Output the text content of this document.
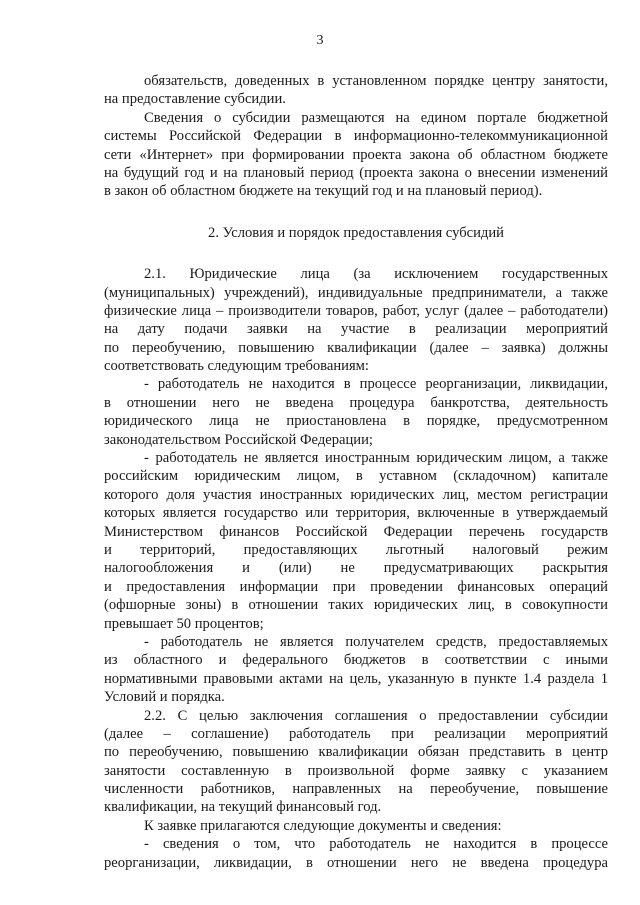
3
обязательств, доведенных в установленном порядке центру занятости,
на предоставление субсидии.
Сведения о субсидии размещаются на едином портале бюджетной
системы Российской Федерации в информационно-телекоммуникационной
сети «Интернет» при формировании проекта закона об областном бюджете
на будущий год и на плановый период (проекта закона о внесении изменений
в закон об областном бюджете на текущий год и на плановый период).
2. Условия и порядок предоставления субсидий
2.1. Юридические лица (за исключением государственных
(муниципальных) учреждений), индивидуальные предприниматели, а также
физические лица – производители товаров, работ, услуг (далее – работодатели)
на дату подачи заявки на участие в реализации мероприятий
по переобучению, повышению квалификации (далее – заявка) должны
соответствовать следующим требованиям:
- работодатель не находится в процессе реорганизации, ликвидации,
в отношении него не введена процедура банкротства, деятельность
юридического лица не приостановлена в порядке, предусмотренном
законодательством Российской Федерации;
- работодатель не является иностранным юридическим лицом, а также
российским юридическим лицом, в уставном (складочном) капитале
которого доля участия иностранных юридических лиц, местом регистрации
которых является государство или территория, включенные в утверждаемый
Министерством финансов Российской Федерации перечень государств
и территорий, предоставляющих льготный налоговый режим
налогообложения и (или) не предусматривающих раскрытия
и предоставления информации при проведении финансовых операций
(офшорные зоны) в отношении таких юридических лиц, в совокупности
превышает 50 процентов;
- работодатель не является получателем средств, предоставляемых
из областного и федерального бюджетов в соответствии с иными
нормативными правовыми актами на цель, указанную в пункте 1.4 раздела 1
Условий и порядка.
2.2. С целью заключения соглашения о предоставлении субсидии
(далее – соглашение) работодатель при реализации мероприятий
по переобучению, повышению квалификации обязан представить в центр
занятости составленную в произвольной форме заявку с указанием
численности работников, направленных на переобучение, повышение
квалификации, на текущий финансовый год.
К заявке прилагаются следующие документы и сведения:
- сведения о том, что работодатель не находится в процессе
реорганизации, ликвидации, в отношении него не введена процедура
